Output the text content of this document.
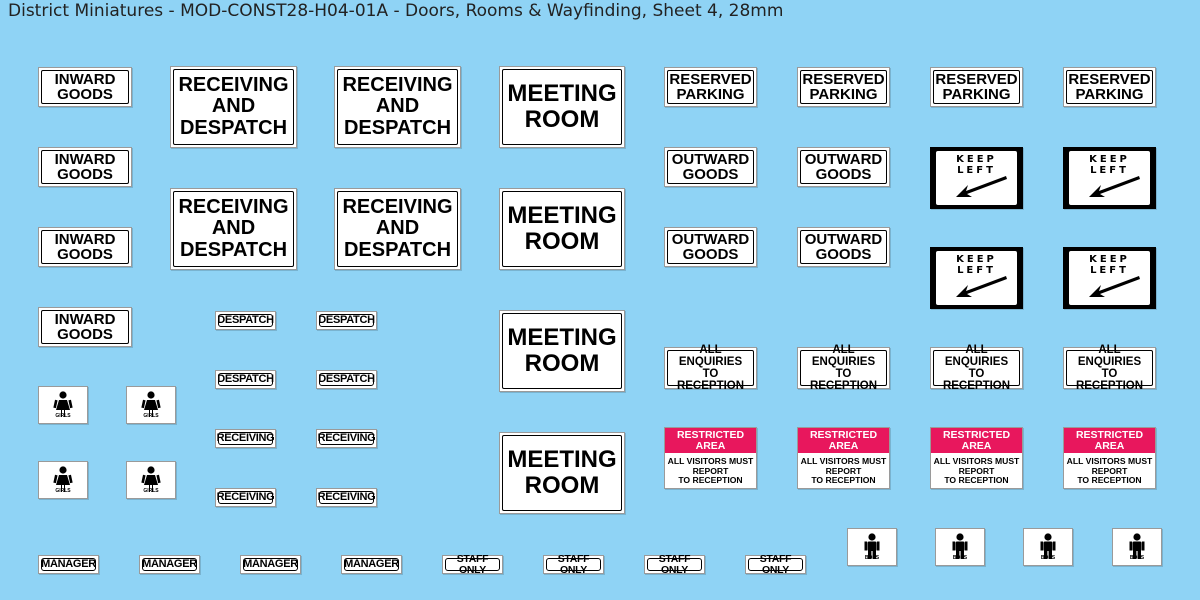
District Miniatures - MOD-CONST28-H04-01A - Doors, Rooms & Wayfinding, Sheet 4, 28mm
INWARD
GOODS
INWARD
GOODS
INWARD
GOODS
INWARD
GOODS
RECEIVING
AND
DESPATCH
RECEIVING
AND
DESPATCH
RECEIVING
AND
DESPATCH
RECEIVING
AND
DESPATCH
MEETING
ROOM
MEETING
ROOM
MEETING
ROOM
MEETING
ROOM
RESERVED
PARKING
RESERVED
PARKING
RESERVED
PARKING
RESERVED
PARKING
OUTWARD
GOODS
OUTWARD
GOODS
OUTWARD
GOODS
OUTWARD
GOODS
KEEP
LEFT
KEEP
LEFT
KEEP
LEFT
KEEP
LEFT
DESPATCH	DESPATCH
DESPATCH	DESPATCH
RECEIVING	RECEIVING
RECEIVING	RECEIVING
ALL ENQUIRIES
TO RECEPTION
ALL ENQUIRIES
TO RECEPTION
ALL ENQUIRIES
TO RECEPTION
ALL ENQUIRIES
TO RECEPTION
RESTRICTED
AREA
ALL VISITORS MUST
REPORT
TO RECEPTION
RESTRICTED
AREA
ALL VISITORS MUST
REPORT
TO RECEPTION
RESTRICTED
AREA
ALL VISITORS MUST
REPORT
TO RECEPTION
RESTRICTED
AREA
ALL VISITORS MUST
REPORT
TO RECEPTION
GIRLS	GIRLS
GIRLS	GIRLS
BOYS	BOYS	BOYS	BOYS
MANAGER	MANAGER	MANAGER	MANAGER	STAFF ONLY
STAFF ONLY
STAFF ONLY
STAFF ONLY
